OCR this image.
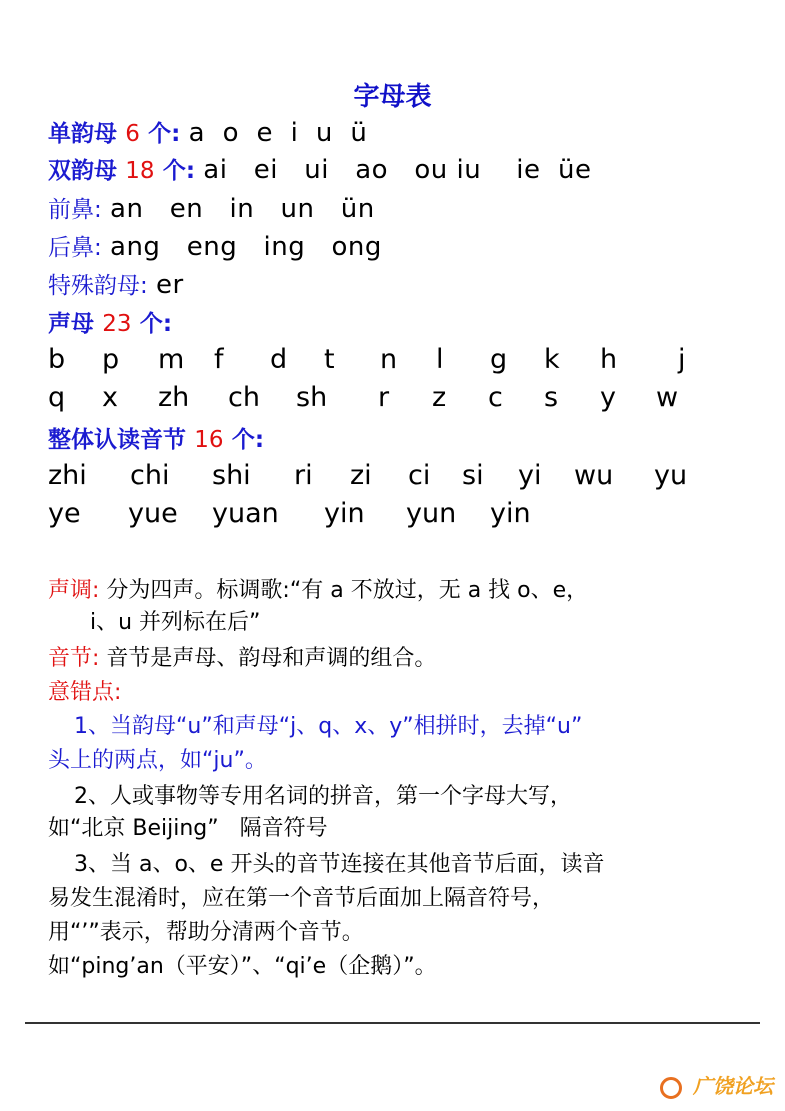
字母表
单韵母 6 个: a  o  e  i  u  ü
双韵母 18 个: ai   ei   ui   ao   ou iu    ie  üe
前鼻: an   en   in   un   ün
后鼻: ang   eng   ing   ong
特殊韵母: er
声母 23 个:
b p m f d t n l g k h j
q x zh ch sh r z c s y w
整体认读音节 16 个:
zhi chi shi ri zi ci si yi wu yu
ye yue yuan yin yun yin
声调: 分为四声。标调歌:“有 a 不放过，无 a 找 o、e，
i、u 并列标在后”
音节: 音节是声母、韵母和声调的组合。
意错点:
1、当韵母“u”和声母“j、q、x、y”相拼时，去掉“u”
头上的两点，如“ju”。
2、人或事物等专用名词的拼音，第一个字母大写，
如“北京 Beijing”   隔音符号
3、当 a、o、e 开头的音节连接在其他音节后面，读音
易发生混淆时，应在第一个音节后面加上隔音符号，
用“’”表示，帮助分清两个音节。
如“ping’an（平安）”、“qi’e（企鹅）”。
广饶论坛
